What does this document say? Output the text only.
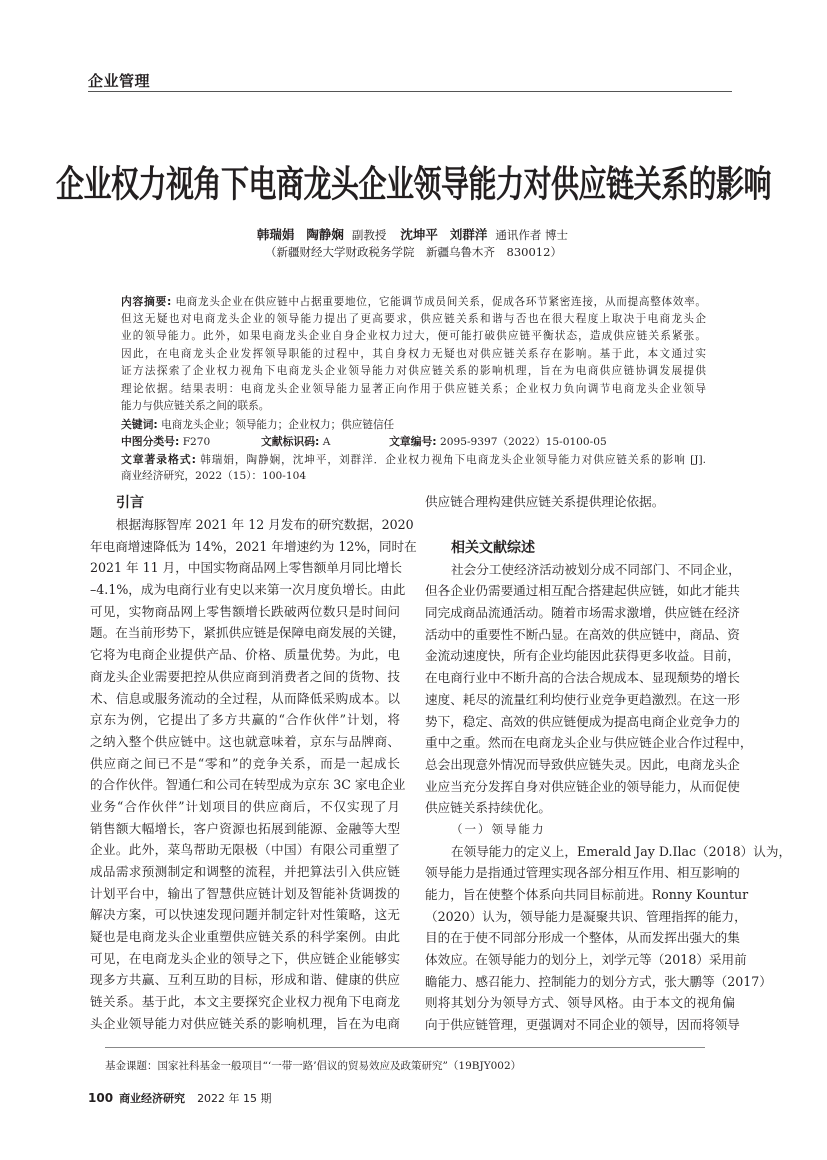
企业管理
企业权力视角下电商龙头企业领导能力对供应链关系的影响
韩瑞娟 陶静娴 副教授 沈坤平 刘群洋 通讯作者 博士
（新疆财经大学财政税务学院　新疆乌鲁木齐　830012）
内容摘要: 电商龙头企业在供应链中占据重要地位，它能调节成员间关系，促成各环节紧密连接，从而提高整体效率。
但这无疑也对电商龙头企业的领导能力提出了更高要求，供应链关系和谐与否也在很大程度上取决于电商龙头企
业的领导能力。此外，如果电商龙头企业自身企业权力过大，便可能打破供应链平衡状态，造成供应链关系紧张。
因此，在电商龙头企业发挥领导职能的过程中，其自身权力无疑也对供应链关系存在影响。基于此，本文通过实
证方法探索了企业权力视角下电商龙头企业领导能力对供应链关系的影响机理，旨在为电商供应链协调发展提供
理论依据。结果表明：电商龙头企业领导能力显著正向作用于供应链关系；企业权力负向调节电商龙头企业领导
能力与供应链关系之间的联系。
关键词: 电商龙头企业；领导能力；企业权力；供应链信任
中图分类号: F270	文献标识码: A	文章编号: 2095-9397（2022）15-0100-05
文章著录格式: 韩瑞娟，陶静娴，沈坤平，刘群洋．企业权力视角下电商龙头企业领导能力对供应链关系的影响 [J].
商业经济研究，2022（15）：100-104
引言
根据海豚智库 2021 年 12 月发布的研究数据，2020
年电商增速降低为 14%，2021 年增速约为 12%，同时在
2021 年 11 月，中国实物商品网上零售额单月同比增长
–4.1%，成为电商行业有史以来第一次月度负增长。由此
可见，实物商品网上零售额增长跌破两位数只是时间问
题。在当前形势下，紧抓供应链是保障电商发展的关键，
它将为电商企业提供产品、价格、质量优势。为此，电
商龙头企业需要把控从供应商到消费者之间的货物、技
术、信息或服务流动的全过程，从而降低采购成本。以
京东为例，它提出了多方共赢的“合作伙伴”计划，将
之纳入整个供应链中。这也就意味着，京东与品牌商、
供应商之间已不是“零和”的竞争关系，而是一起成长
的合作伙伴。智通仁和公司在转型成为京东 3C 家电企业
业务“合作伙伴”计划项目的供应商后，不仅实现了月
销售额大幅增长，客户资源也拓展到能源、金融等大型
企业。此外，菜鸟帮助无限极（中国）有限公司重塑了
成品需求预测制定和调整的流程，并把算法引入供应链
计划平台中，输出了智慧供应链计划及智能补货调拨的
解决方案，可以快速发现问题并制定针对性策略，这无
疑也是电商龙头企业重塑供应链关系的科学案例。由此
可见，在电商龙头企业的领导之下，供应链企业能够实
现多方共赢、互利互助的目标，形成和谐、健康的供应
链关系。基于此，本文主要探究企业权力视角下电商龙
头企业领导能力对供应链关系的影响机理，旨在为电商
供应链合理构建供应链关系提供理论依据。
相关文献综述
社会分工使经济活动被划分成不同部门、不同企业，
但各企业仍需要通过相互配合搭建起供应链，如此才能共
同完成商品流通活动。随着市场需求激增，供应链在经济
活动中的重要性不断凸显。在高效的供应链中，商品、资
金流动速度快，所有企业均能因此获得更多收益。目前，
在电商行业中不断升高的合法合规成本、显现颓势的增长
速度、耗尽的流量红利均使行业竞争更趋激烈。在这一形
势下，稳定、高效的供应链便成为提高电商企业竞争力的
重中之重。然而在电商龙头企业与供应链企业合作过程中，
总会出现意外情况而导致供应链失灵。因此，电商龙头企
业应当充分发挥自身对供应链企业的领导能力，从而促使
供应链关系持续优化。
（一）领导能力
在领导能力的定义上，Emerald Jay D.Ilac（2018）认为，
领导能力是指通过管理实现各部分相互作用、相互影响的
能力，旨在使整个体系向共同目标前进。Ronny Kountur
（2020）认为，领导能力是凝聚共识、管理指挥的能力，
目的在于使不同部分形成一个整体，从而发挥出强大的集
体效应。在领导能力的划分上，刘学元等（2018）采用前
瞻能力、感召能力、控制能力的划分方式，张大鹏等（2017）
则将其划分为领导方式、领导风格。由于本文的视角偏
向于供应链管理，更强调对不同企业的领导，因而将领导
基金课题：国家社科基金一般项目“‘一带一路’倡议的贸易效应及政策研究”（19BJY002）
100 商业经济研究 2022 年 15 期
